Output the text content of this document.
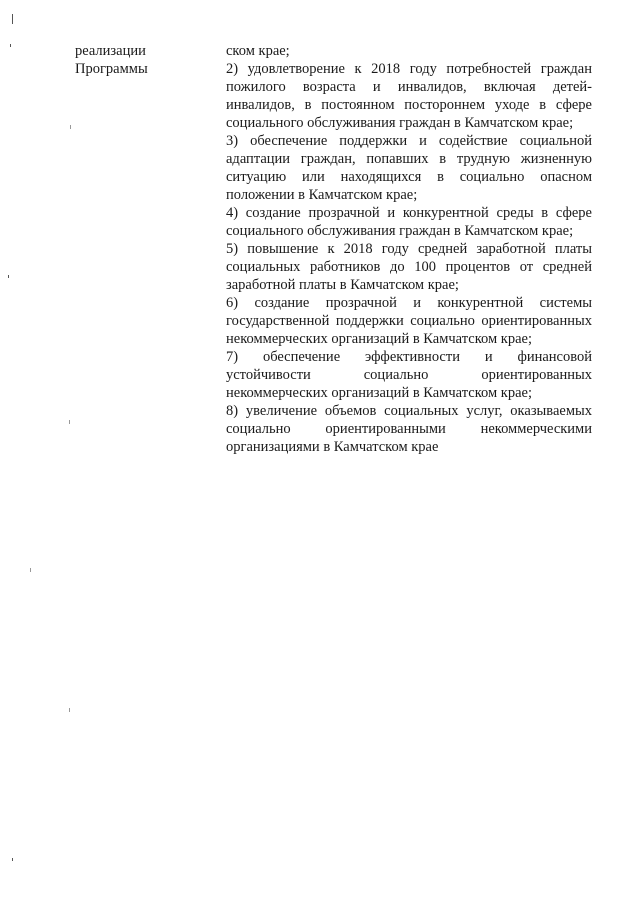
реализации
Программы

ском крае;

2) удовлетворение к 2018 году потребностей граждан пожилого возраста и инвалидов, включая детей-инвалидов, в постоянном постороннем уходе в сфере социального обслуживания граждан в Камчатском крае;

3) обеспечение поддержки и содействие социальной адаптации граждан, попавших в трудную жизненную ситуацию или находящихся в социально опасном положении в Камчатском крае;

4) создание прозрачной и конкурентной среды в сфере социального обслуживания граждан в Камчатском крае;

5) повышение к 2018 году средней заработной платы социальных работников до 100 процентов от средней заработной платы в Камчатском крае;

6) создание прозрачной и конкурентной системы государственной поддержки социально ориентированных некоммерческих организаций в Камчатском крае;

7) обеспечение эффективности и финансовой устойчивости социально ориентированных некоммерческих организаций в Камчатском крае;

8) увеличение объемов социальных услуг, оказываемых социально ориентированными некоммерческими организациями в Камчатском крае
